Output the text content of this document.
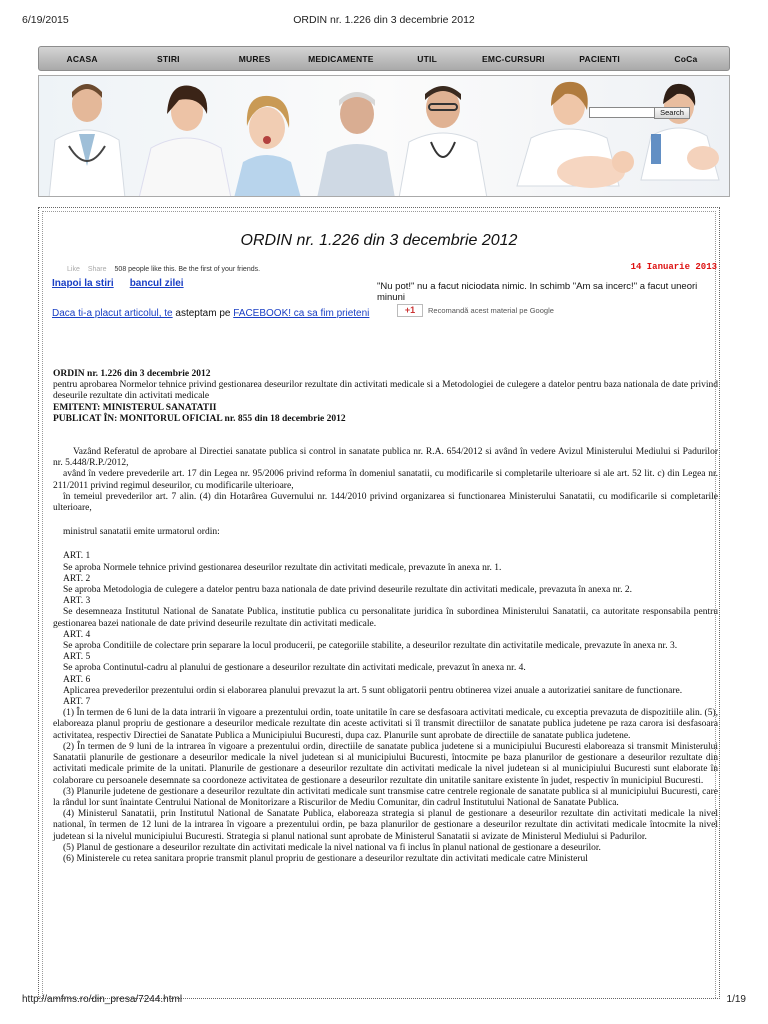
6/19/2015	ORDIN nr. 1.226 din 3 decembrie 2012
ACASA	STIRI	MURES	MEDICAMENTE	UTIL	EMC-CURSURI	PACIENTI	CoCa
Search
ORDIN nr. 1.226 din 3 decembrie 2012
Like Share 508 people like this. Be the first of your friends.	14 Ianuarie 2013
Inapoi la stiri bancul zilei	"Nu pot!" nu a facut niciodata nimic. In schimb "Am sa incerc!" a facut uneori minuni
Daca ti-a placut articolul, te asteptam pe FACEBOOK! ca sa fim prieteni	+1	Recomandă acest material pe Google

ORDIN nr. 1.226 din 3 decembrie 2012

pentru aprobarea Normelor tehnice privind gestionarea deseurilor rezultate din activitati medicale si a Metodologiei de culegere a datelor pentru baza nationala de date privind deseurile rezultate din activitati medicale

EMITENT: MINISTERUL SANATATII

PUBLICAT ÎN: MONITORUL OFICIAL nr. 855 din 18 decembrie 2012

Vazând Referatul de aprobare al Directiei sanatate publica si control in sanatate publica nr. R.A. 654/2012 si având în vedere Avizul Ministerului Mediului si Padurilor nr. 5.448/R.P./2012,

având în vedere prevederile art. 17 din Legea nr. 95/2006 privind reforma în domeniul sanatatii, cu modificarile si completarile ulterioare si ale art. 52 lit. c) din Legea nr. 211/2011 privind regimul deseurilor, cu modificarile ulterioare,

în temeiul prevederilor art. 7 alin. (4) din Hotarârea Guvernului nr. 144/2010 privind organizarea si functionarea Ministerului Sanatatii, cu modificarile si completarile ulterioare,

ministrul sanatatii emite urmatorul ordin:

ART. 1

Se aproba Normele tehnice privind gestionarea deseurilor rezultate din activitati medicale, prevazute în anexa nr. 1.

ART. 2

Se aproba Metodologia de culegere a datelor pentru baza nationala de date privind deseurile rezultate din activitati medicale, prevazuta în anexa nr. 2.

ART. 3

Se desemneaza Institutul National de Sanatate Publica, institutie publica cu personalitate juridica în subordinea Ministerului Sanatatii, ca autoritate responsabila pentru gestionarea bazei nationale de date privind deseurile rezultate din activitati medicale.

ART. 4

Se aproba Conditiile de colectare prin separare la locul producerii, pe categoriile stabilite, a deseurilor rezultate din activitatile medicale, prevazute în anexa nr. 3.

ART. 5

Se aproba Continutul-cadru al planului de gestionare a deseurilor rezultate din activitati medicale, prevazut în anexa nr. 4.

ART. 6

Aplicarea prevederilor prezentului ordin si elaborarea planului prevazut la art. 5 sunt obligatorii pentru obtinerea vizei anuale a autorizatiei sanitare de functionare.

ART. 7

(1) În termen de 6 luni de la data intrarii în vigoare a prezentului ordin, toate unitatile în care se desfasoara activitati medicale, cu exceptia prevazuta de dispozitiile alin. (5), elaboreaza planul propriu de gestionare a deseurilor medicale rezultate din aceste activitati si îl transmit directiilor de sanatate publica judetene pe raza carora isi desfasoara activitatea, respectiv Directiei de Sanatate Publica a Municipiului Bucuresti, dupa caz. Planurile sunt aprobate de directiile de sanatate publica judetene.

(2) În termen de 9 luni de la intrarea în vigoare a prezentului ordin, directiile de sanatate publica judetene si a municipiului Bucuresti elaboreaza si transmit Ministerului Sanatatii planurile de gestionare a deseurilor medicale la nivel judetean si al municipiului Bucuresti, întocmite pe baza planurilor de gestionare a deseurilor rezultate din activitati medicale primite de la unitati. Planurile de gestionare a deseurilor rezultate din activitati medicale la nivel judetean si al municipiului Bucuresti sunt elaborate în colaborare cu persoanele desemnate sa coordoneze activitatea de gestionare a deseurilor rezultate din unitatile sanitare existente în judet, respectiv în municipiul Bucuresti.

(3) Planurile judetene de gestionare a deseurilor rezultate din activitati medicale sunt transmise catre centrele regionale de sanatate publica si al municipiului Bucuresti, care la rândul lor sunt înaintate Centrului National de Monitorizare a Riscurilor de Mediu Comunitar, din cadrul Institutului National de Sanatate Publica.

(4) Ministerul Sanatatii, prin Institutul National de Sanatate Publica, elaboreaza strategia si planul de gestionare a deseurilor rezultate din activitati medicale la nivel national, în termen de 12 luni de la intrarea în vigoare a prezentului ordin, pe baza planurilor de gestionare a deseurilor rezultate din activitati medicale întocmite la nivel judetean si la nivelul municipiului Bucuresti. Strategia si planul national sunt aprobate de Ministerul Sanatatii si avizate de Ministerul Mediului si Padurilor.

(5) Planul de gestionare a deseurilor rezultate din activitati medicale la nivel national va fi inclus în planul national de gestionare a deseurilor.

(6) Ministerele cu retea sanitara proprie transmit planul propriu de gestionare a deseurilor rezultate din activitati medicale catre Ministerul

http://amfms.ro/din_presa/7244.html	1/19
